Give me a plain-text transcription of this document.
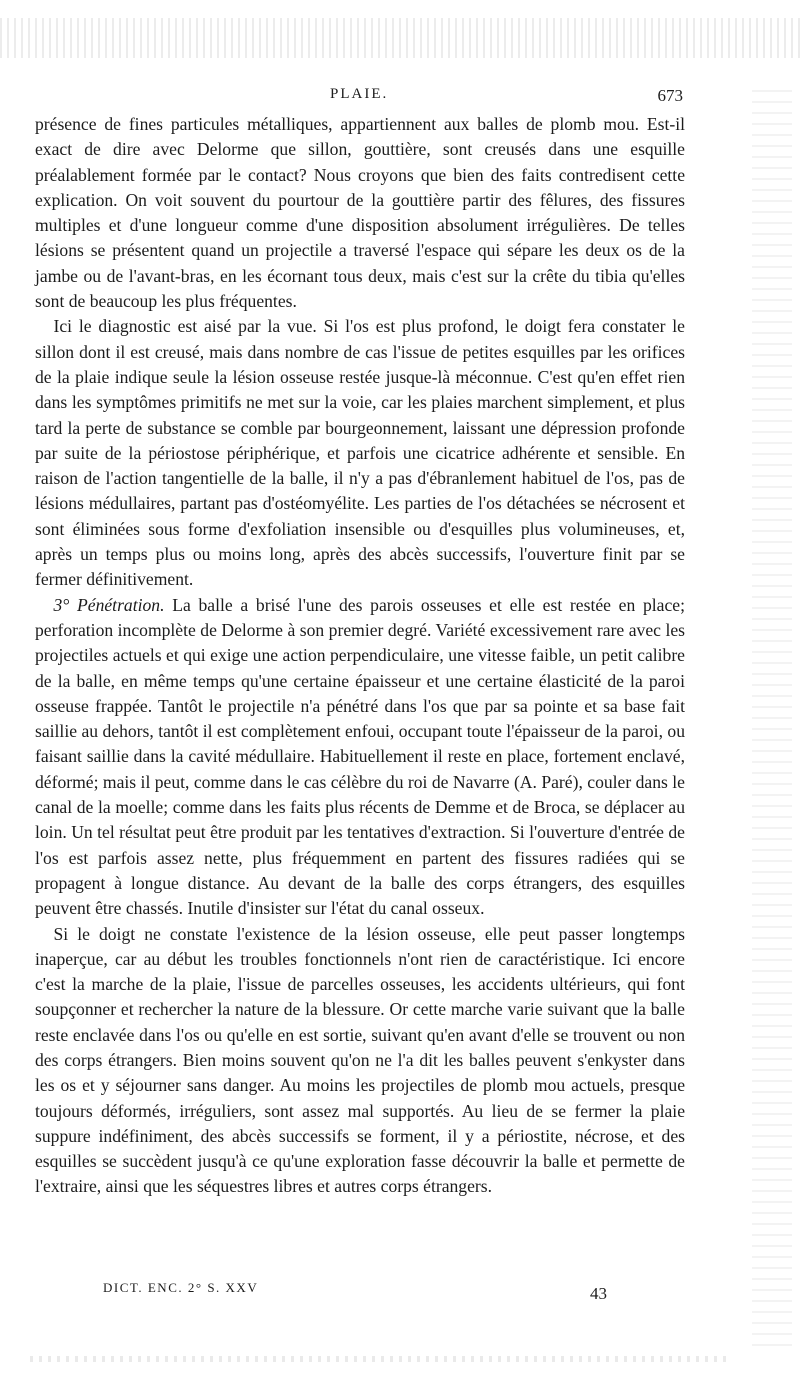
PLAIE.	673

présence de fines particules métalliques, appartiennent aux balles de plomb mou. Est-il exact de dire avec Delorme que sillon, gouttière, sont creusés dans une esquille préalablement formée par le contact? Nous croyons que bien des faits contredisent cette explication. On voit souvent du pourtour de la gouttière partir des fêlures, des fissures multiples et d'une longueur comme d'une disposition absolument irrégulières. De telles lésions se présentent quand un projectile a traversé l'espace qui sépare les deux os de la jambe ou de l'avant-bras, en les écornant tous deux, mais c'est sur la crête du tibia qu'elles sont de beaucoup les plus fréquentes.

Ici le diagnostic est aisé par la vue. Si l'os est plus profond, le doigt fera constater le sillon dont il est creusé, mais dans nombre de cas l'issue de petites esquilles par les orifices de la plaie indique seule la lésion osseuse restée jusque-là méconnue. C'est qu'en effet rien dans les symptômes primitifs ne met sur la voie, car les plaies marchent simplement, et plus tard la perte de substance se comble par bourgeonnement, laissant une dépression profonde par suite de la périostose périphérique, et parfois une cicatrice adhérente et sensible. En raison de l'action tangentielle de la balle, il n'y a pas d'ébranlement habituel de l'os, pas de lésions médullaires, partant pas d'ostéomyélite. Les parties de l'os détachées se nécrosent et sont éliminées sous forme d'exfoliation insensible ou d'esquilles plus volumineuses, et, après un temps plus ou moins long, après des abcès successifs, l'ouverture finit par se fermer définitivement.

3° Pénétration. La balle a brisé l'une des parois osseuses et elle est restée en place; perforation incomplète de Delorme à son premier degré. Variété excessivement rare avec les projectiles actuels et qui exige une action perpendiculaire, une vitesse faible, un petit calibre de la balle, en même temps qu'une certaine épaisseur et une certaine élasticité de la paroi osseuse frappée. Tantôt le projectile n'a pénétré dans l'os que par sa pointe et sa base fait saillie au dehors, tantôt il est complètement enfoui, occupant toute l'épaisseur de la paroi, ou faisant saillie dans la cavité médullaire. Habituellement il reste en place, fortement enclavé, déformé; mais il peut, comme dans le cas célèbre du roi de Navarre (A. Paré), couler dans le canal de la moelle; comme dans les faits plus récents de Demme et de Broca, se déplacer au loin. Un tel résultat peut être produit par les tentatives d'extraction. Si l'ouverture d'entrée de l'os est parfois assez nette, plus fréquemment en partent des fissures radiées qui se propagent à longue distance. Au devant de la balle des corps étrangers, des esquilles peuvent être chassés. Inutile d'insister sur l'état du canal osseux.

Si le doigt ne constate l'existence de la lésion osseuse, elle peut passer longtemps inaperçue, car au début les troubles fonctionnels n'ont rien de caractéristique. Ici encore c'est la marche de la plaie, l'issue de parcelles osseuses, les accidents ultérieurs, qui font soupçonner et rechercher la nature de la blessure. Or cette marche varie suivant que la balle reste enclavée dans l'os ou qu'elle en est sortie, suivant qu'en avant d'elle se trouvent ou non des corps étrangers. Bien moins souvent qu'on ne l'a dit les balles peuvent s'enkyster dans les os et y séjourner sans danger. Au moins les projectiles de plomb mou actuels, presque toujours déformés, irréguliers, sont assez mal supportés. Au lieu de se fermer la plaie suppure indéfiniment, des abcès successifs se forment, il y a périostite, nécrose, et des esquilles se succèdent jusqu'à ce qu'une exploration fasse découvrir la balle et permette de l'extraire, ainsi que les séquestres libres et autres corps étrangers.

DICT. ENC. 2° S. XXV	43
